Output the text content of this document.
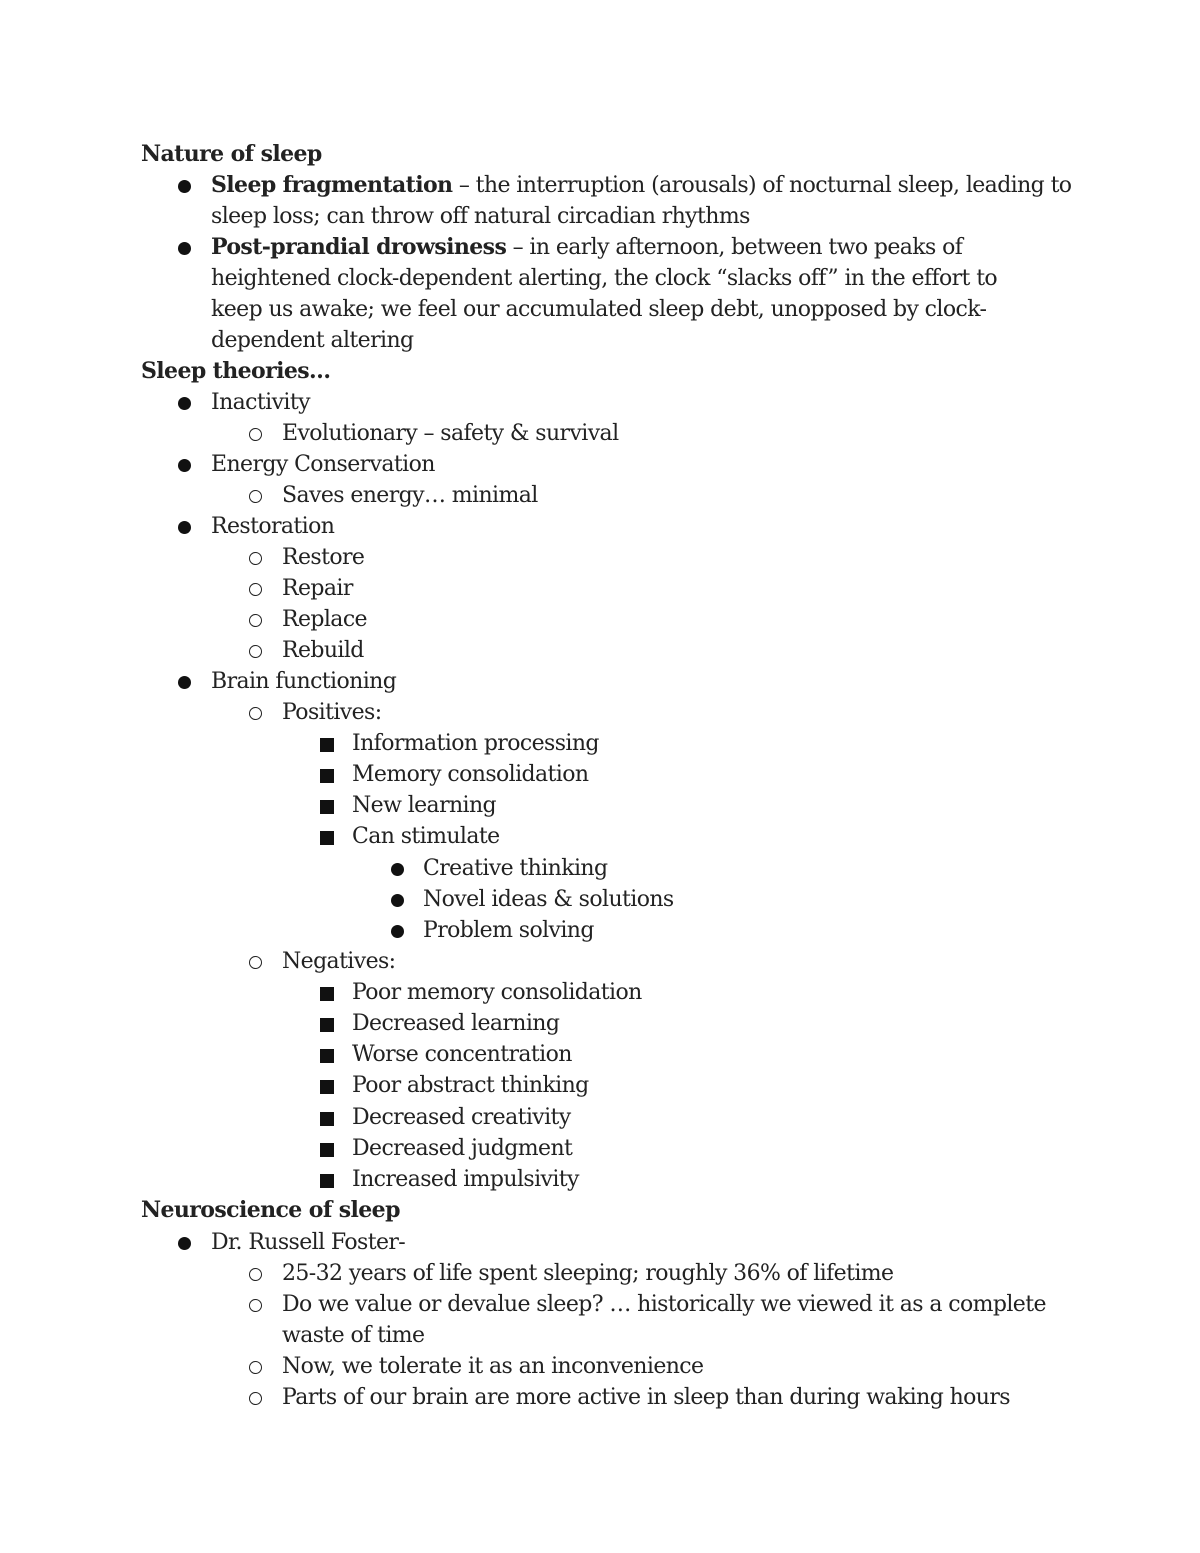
Nature of sleep
Sleep fragmentation – the interruption (arousals) of nocturnal sleep, leading to
sleep loss; can throw off natural circadian rhythms
Post-prandial drowsiness – in early afternoon, between two peaks of
heightened clock-dependent alerting, the clock “slacks off” in the effort to
keep us awake; we feel our accumulated sleep debt, unopposed by clock-
dependent altering
Sleep theories…
Inactivity
Evolutionary – safety & survival
Energy Conservation
Saves energy… minimal
Restoration
Restore
Repair
Replace
Rebuild
Brain functioning
Positives:
Information processing
Memory consolidation
New learning
Can stimulate
Creative thinking
Novel ideas & solutions
Problem solving
Negatives:
Poor memory consolidation
Decreased learning
Worse concentration
Poor abstract thinking
Decreased creativity
Decreased judgment
Increased impulsivity
Neuroscience of sleep
Dr. Russell Foster-
25-32 years of life spent sleeping; roughly 36% of lifetime
Do we value or devalue sleep? … historically we viewed it as a complete
waste of time
Now, we tolerate it as an inconvenience
Parts of our brain are more active in sleep than during waking hours
